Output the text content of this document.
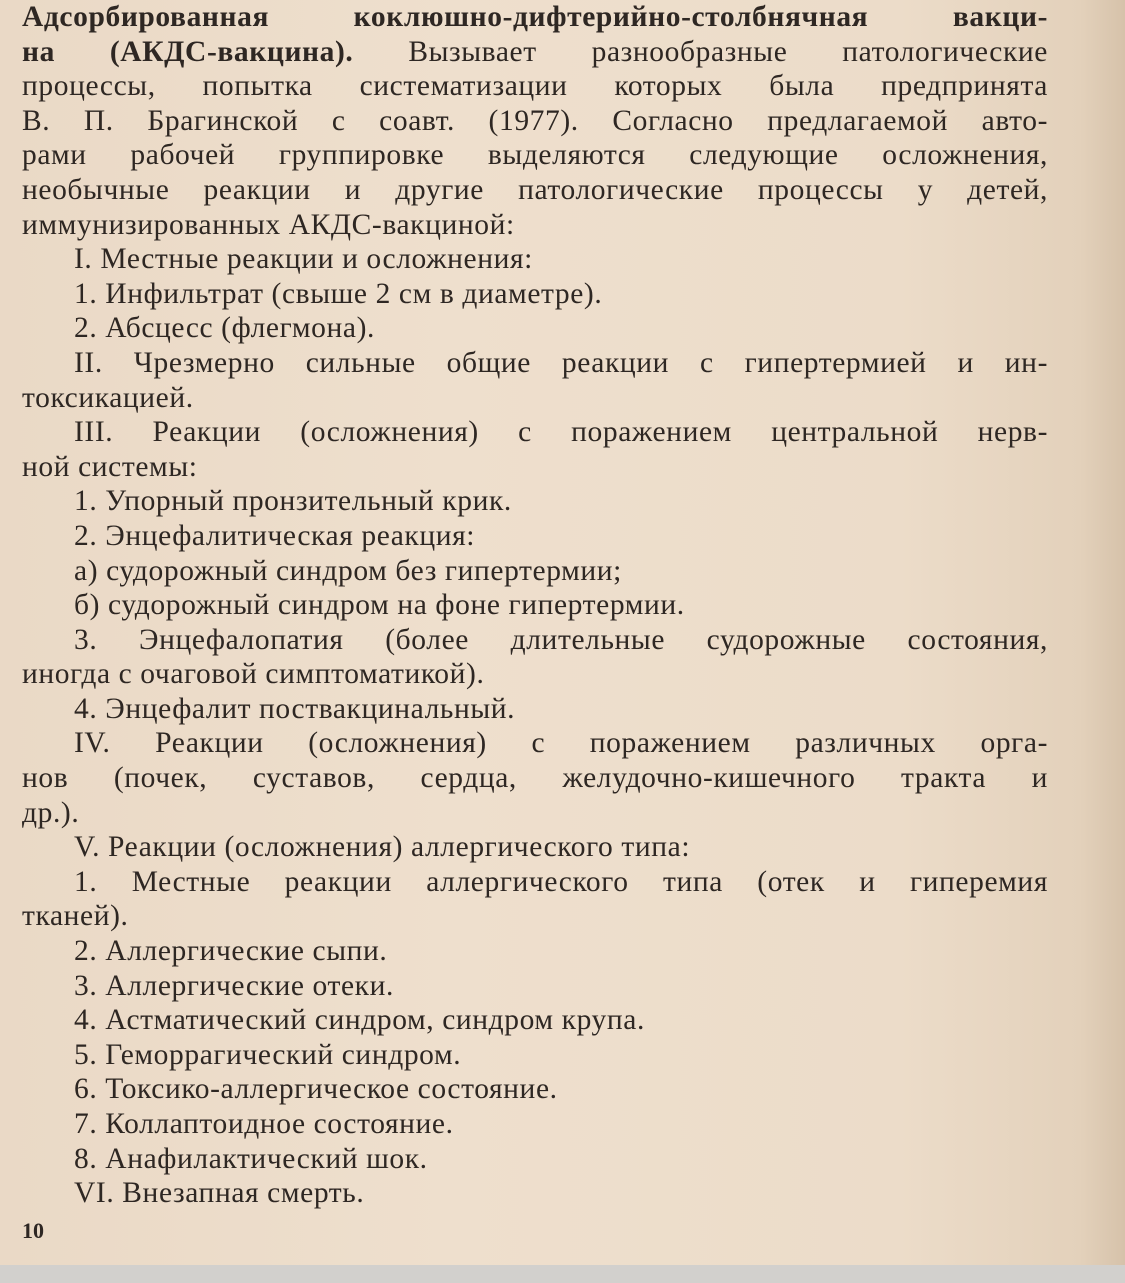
Адсорбированная коклюшно-дифтерийно-столбнячная вакци-
на (АКДС-вакцина). Вызывает разнообразные патологические
процессы, попытка систематизации которых была предпринята
В. П. Брагинской с соавт. (1977). Согласно предлагаемой авто-
рами рабочей группировке выделяются следующие осложнения,
необычные реакции и другие патологические процессы у детей,
иммунизированных АКДС-вакциной:
I. Местные реакции и осложнения:
1. Инфильтрат (свыше 2 см в диаметре).
2. Абсцесс (флегмона).
II. Чрезмерно сильные общие реакции с гипертермией и ин-
токсикацией.
III. Реакции (осложнения) с поражением центральной нерв-
ной системы:
1. Упорный пронзительный крик.
2. Энцефалитическая реакция:
а) судорожный синдром без гипертермии;
б) судорожный синдром на фоне гипертермии.
3. Энцефалопатия (более длительные судорожные состояния,
иногда с очаговой симптоматикой).
4. Энцефалит поствакцинальный.
IV. Реакции (осложнения) с поражением различных орга-
нов (почек, суставов, сердца, желудочно-кишечного тракта и
др.).
V. Реакции (осложнения) аллергического типа:
1. Местные реакции аллергического типа (отек и гиперемия
тканей).
2. Аллергические сыпи.
3. Аллергические отеки.
4. Астматический синдром, синдром крупа.
5. Геморрагический синдром.
6. Токсико-аллергическое состояние.
7. Коллаптоидное состояние.
8. Анафилактический шок.
VI. Внезапная смерть.
10
